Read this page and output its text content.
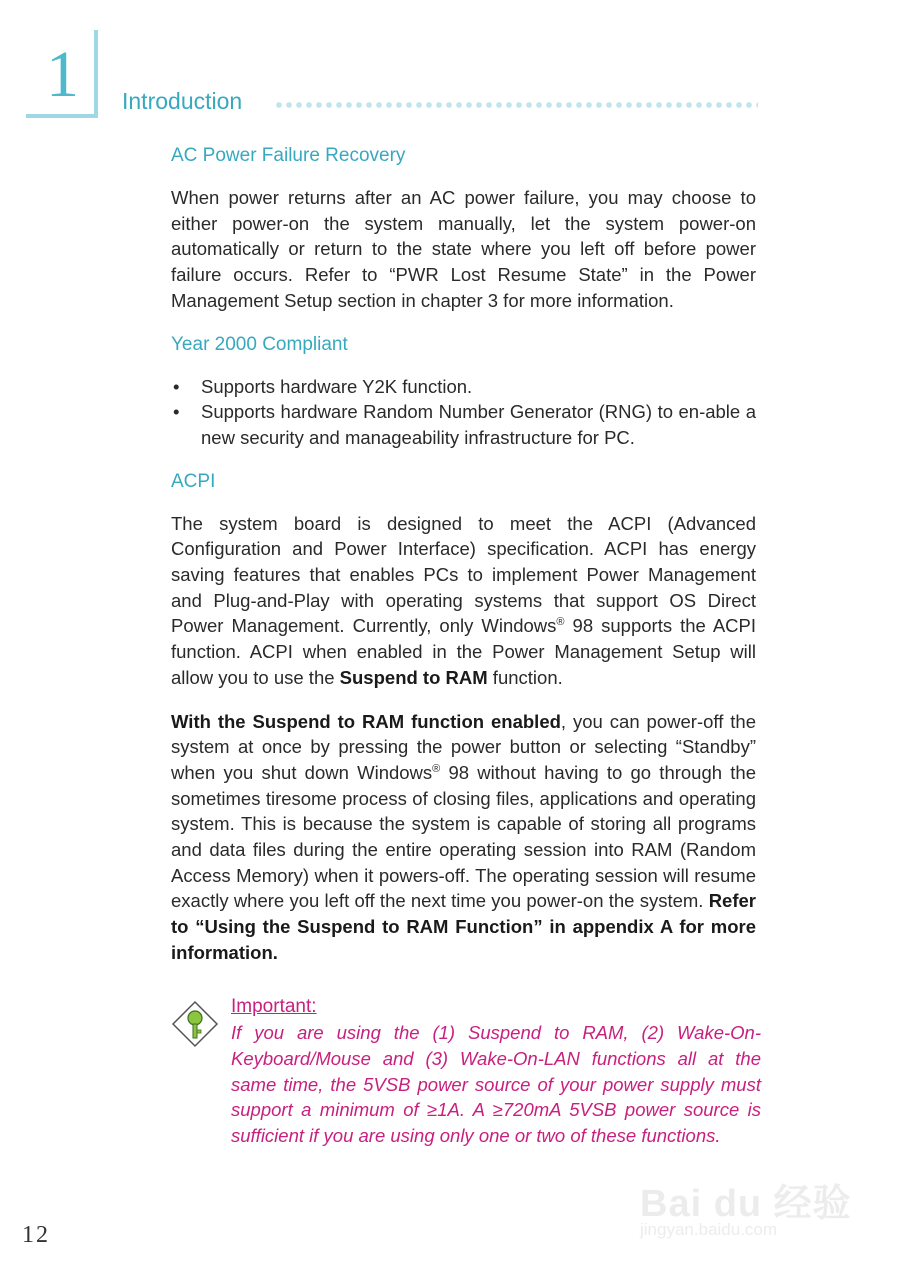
1 Introduction
AC Power Failure Recovery

When power returns after an AC power failure, you may choose to either power-on the system manually, let the system power-on automatically or return to the state where you left off before power failure occurs. Refer to “PWR Lost Resume State” in the Power Management Setup section in chapter 3 for more information.

Year 2000 Compliant
• Supports hardware Y2K function.
• Supports hardware Random Number Generator (RNG) to en-able a new security and manageability infrastructure for PC.
ACPI

The system board is designed to meet the ACPI (Advanced Configuration and Power Interface) specification. ACPI has energy saving features that enables PCs to implement Power Management and Plug-and-Play with operating systems that support OS Direct Power Management. Currently, only Windows® 98 supports the ACPI function. ACPI when enabled in the Power Management Setup will allow you to use the Suspend to RAM function.

With the Suspend to RAM function enabled, you can power-off the system at once by pressing the power button or selecting “Standby” when you shut down Windows® 98 without having to go through the sometimes tiresome process of closing files, applications and operating system. This is because the system is capable of storing all programs and data files during the entire operating session into RAM (Random Access Memory) when it powers-off. The operating session will resume exactly where you left off the next time you power-on the system. Refer to “Using the Suspend to RAM Function” in appendix A for more information.

Important:
If you are using the (1) Suspend to RAM, (2) Wake-On-Keyboard/Mouse and (3) Wake-On-LAN functions all at the same time, the 5VSB power source of your power supply must support a minimum of ≥1A. A ≥720mA 5VSB power source is sufficient if you are using only one or two of these functions.
12
Bai du 经验
jingyan.baidu.com
